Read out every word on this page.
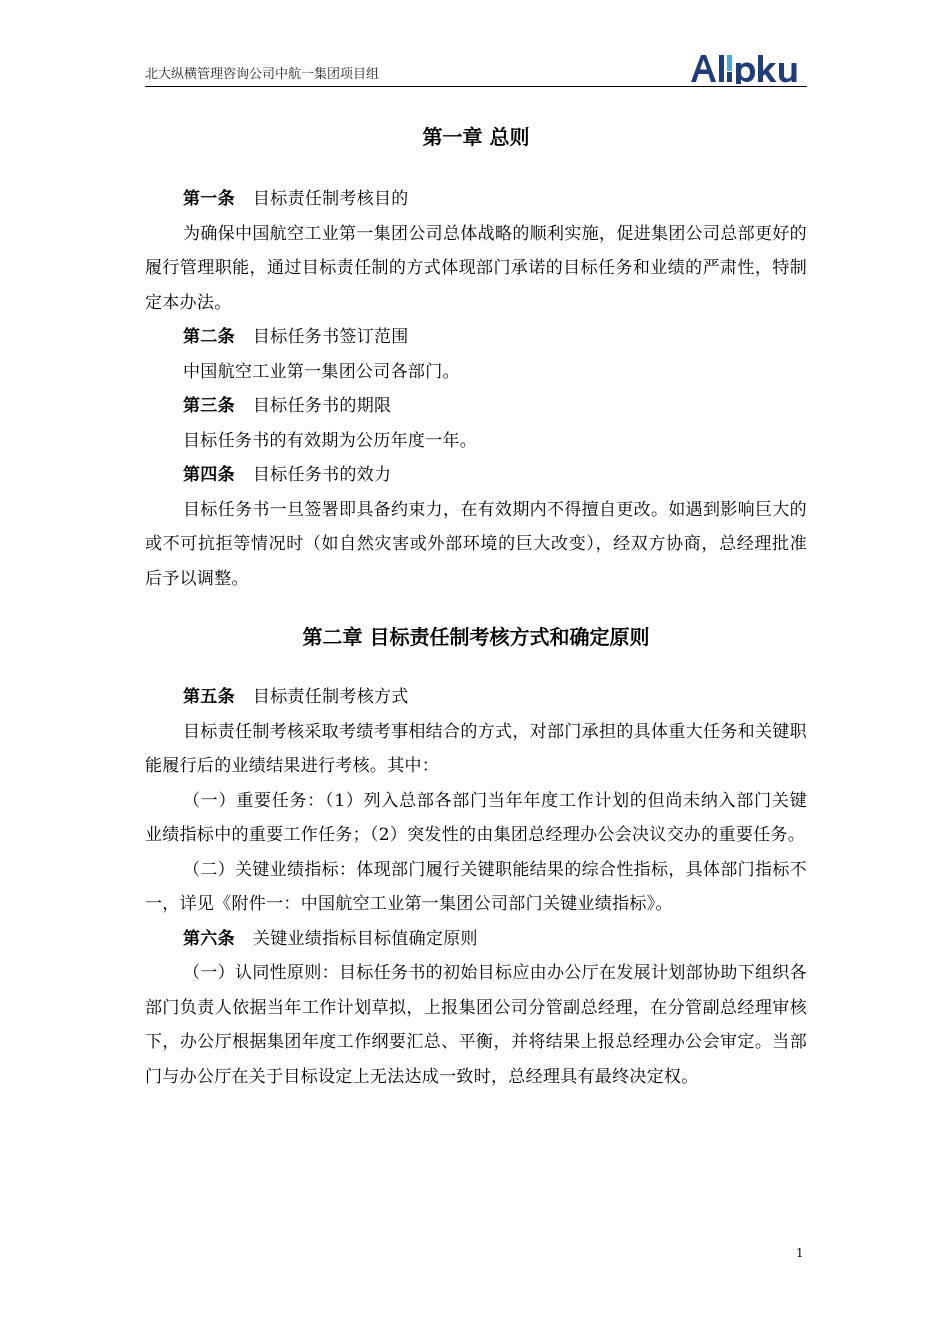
北大纵横管理咨询公司中航一集团项目组
第一章 总则

第一条 目标责任制考核目的

为确保中国航空工业第一集团公司总体战略的顺利实施，促进集团公司总部更好的履行管理职能，通过目标责任制的方式体现部门承诺的目标任务和业绩的严肃性，特制定本办法。

第二条 目标任务书签订范围

中国航空工业第一集团公司各部门。

第三条 目标任务书的期限

目标任务书的有效期为公历年度一年。

第四条 目标任务书的效力

目标任务书一旦签署即具备约束力，在有效期内不得擅自更改。如遇到影响巨大的或不可抗拒等情况时（如自然灾害或外部环境的巨大改变），经双方协商，总经理批准后予以调整。

第二章 目标责任制考核方式和确定原则

第五条 目标责任制考核方式

目标责任制考核采取考绩考事相结合的方式，对部门承担的具体重大任务和关键职能履行后的业绩结果进行考核。其中：

（一）重要任务：（1）列入总部各部门当年年度工作计划的但尚未纳入部门关键业绩指标中的重要工作任务；（2）突发性的由集团总经理办公会决议交办的重要任务。

（二）关键业绩指标：体现部门履行关键职能结果的综合性指标，具体部门指标不一，详见《附件一：中国航空工业第一集团公司部门关键业绩指标》。

第六条 关键业绩指标目标值确定原则

（一）认同性原则：目标任务书的初始目标应由办公厅在发展计划部协助下组织各部门负责人依据当年工作计划草拟，上报集团公司分管副总经理，在分管副总经理审核下，办公厅根据集团年度工作纲要汇总、平衡，并将结果上报总经理办公会审定。当部门与办公厅在关于目标设定上无法达成一致时，总经理具有最终决定权。

1
